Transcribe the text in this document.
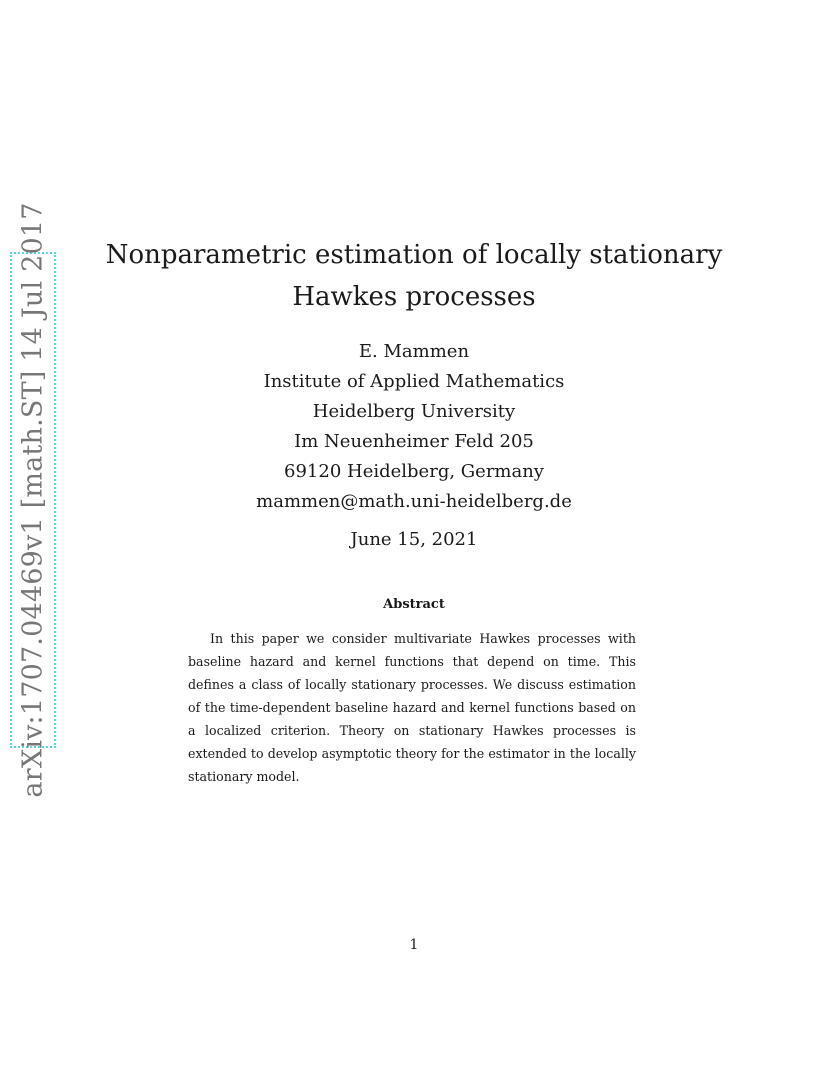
arXiv:1707.04469v1 [math.ST] 14 Jul 2017 Nonparametric estimation of locally stationary
Hawkes processes
E. Mammen
Institute of Applied Mathematics
Heidelberg University
Im Neuenheimer Feld 205
69120 Heidelberg, Germany
mammen@math.uni-heidelberg.de
June 15, 2021
Abstract

In this paper we consider multivariate Hawkes processes with baseline hazard and kernel functions that depend on time. This defines a class of locally stationary processes. We discuss estimation of the time-dependent baseline hazard and kernel functions based on a localized criterion. Theory on stationary Hawkes processes is extended to develop asymptotic theory for the estimator in the locally stationary model.

1
